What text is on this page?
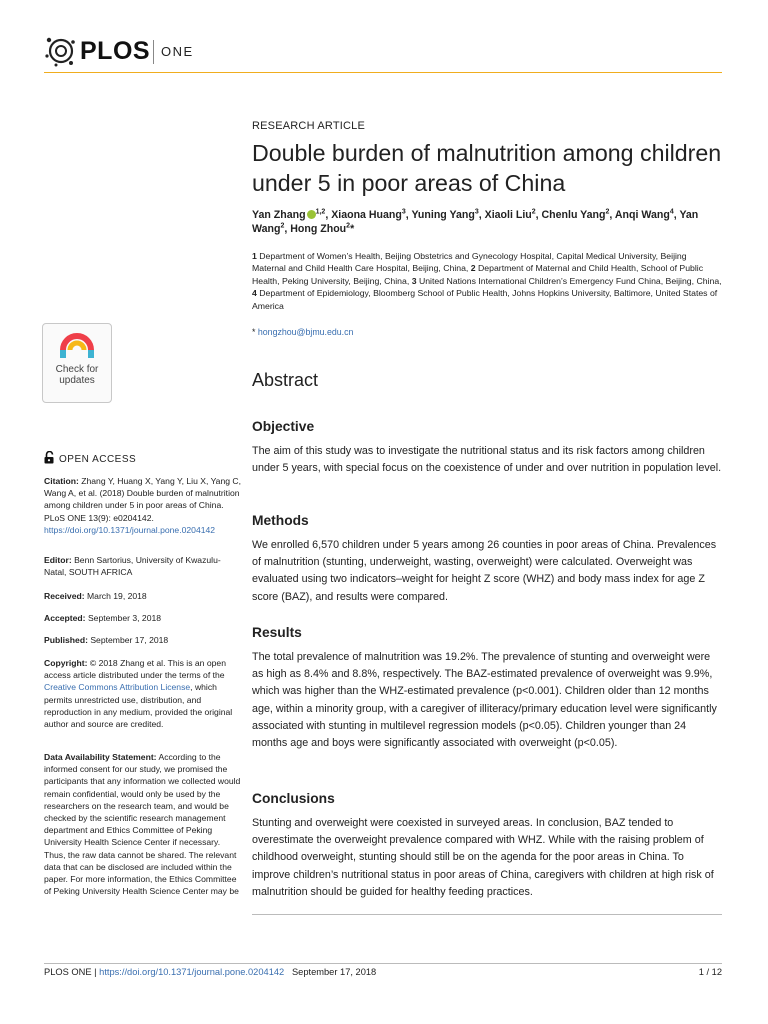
PLOS ONE
Check for
updates
OPEN ACCESS
Citation: Zhang Y, Huang X, Yang Y, Liu X, Yang C, Wang A, et al. (2018) Double burden of malnutrition among children under 5 in poor areas of China. PLoS ONE 13(9): e0204142. https://doi.org/10.1371/journal.pone.0204142
Editor: Benn Sartorius, University of Kwazulu-Natal, SOUTH AFRICA
Received: March 19, 2018
Accepted: September 3, 2018
Published: September 17, 2018
Copyright: © 2018 Zhang et al. This is an open access article distributed under the terms of the Creative Commons Attribution License, which permits unrestricted use, distribution, and reproduction in any medium, provided the original author and source are credited.
Data Availability Statement: According to the informed consent for our study, we promised the participants that any information we collected would remain confidential, would only be used by the researchers on the research team, and would be checked by the scientific research management department and Ethics Committee of Peking University Health Science Center if necessary. Thus, the raw data cannot be shared. The relevant data that can be disclosed are included within the paper. For more information, the Ethics Committee of Peking University Health Science Center may be
RESEARCH ARTICLE
Double burden of malnutrition among children under 5 in poor areas of China
Yan Zhang $^{1,2}$, Xiaona Huang$^3$, Yuning Yang$^3$, Xiaoli Liu$^2$, Chenlu Yang$^2$, Anqi Wang$^4$, Yan Wang$^2$, Hong Zhou$^2$*
1 Department of Women’s Health, Beijing Obstetrics and Gynecology Hospital, Capital Medical University, Beijing Maternal and Child Health Care Hospital, Beijing, China, 2 Department of Maternal and Child Health, School of Public Health, Peking University, Beijing, China, 3 United Nations International Children’s Emergency Fund China, Beijing, China, 4 Department of Epidemiology, Bloomberg School of Public Health, Johns Hopkins University, Baltimore, United States of America
* hongzhou@bjmu.edu.cn
Abstract
Objective
The aim of this study was to investigate the nutritional status and its risk factors among children under 5 years, with special focus on the coexistence of under and over nutrition in population level.
Methods
We enrolled 6,570 children under 5 years among 26 counties in poor areas of China. Prevalences of malnutrition (stunting, underweight, wasting, overweight) were calculated. Overweight was evaluated using two indicators–weight for height Z score (WHZ) and body mass index for age Z score (BAZ), and results were compared.
Results
The total prevalence of malnutrition was 19.2%. The prevalence of stunting and overweight were as high as 8.4% and 8.8%, respectively. The BAZ-estimated prevalence of overweight was 9.9%, which was higher than the WHZ-estimated prevalence (p<0.001). Children older than 12 months age, within a minority group, with a caregiver of illiteracy/primary education level were significantly associated with stunting in multilevel regression models (p<0.05). Children younger than 24 months age and boys were significantly associated with overweight (p<0.05).
Conclusions
Stunting and overweight were coexisted in surveyed areas. In conclusion, BAZ tended to overestimate the overweight prevalence compared with WHZ. While with the raising problem of childhood overweight, stunting should still be on the agenda for the poor areas in China. To improve children’s nutritional status in poor areas of China, caregivers with children at high risk of malnutrition should be guided for healthy feeding practices.
PLOS ONE | https://doi.org/10.1371/journal.pone.0204142 September 17, 2018	1 / 12
